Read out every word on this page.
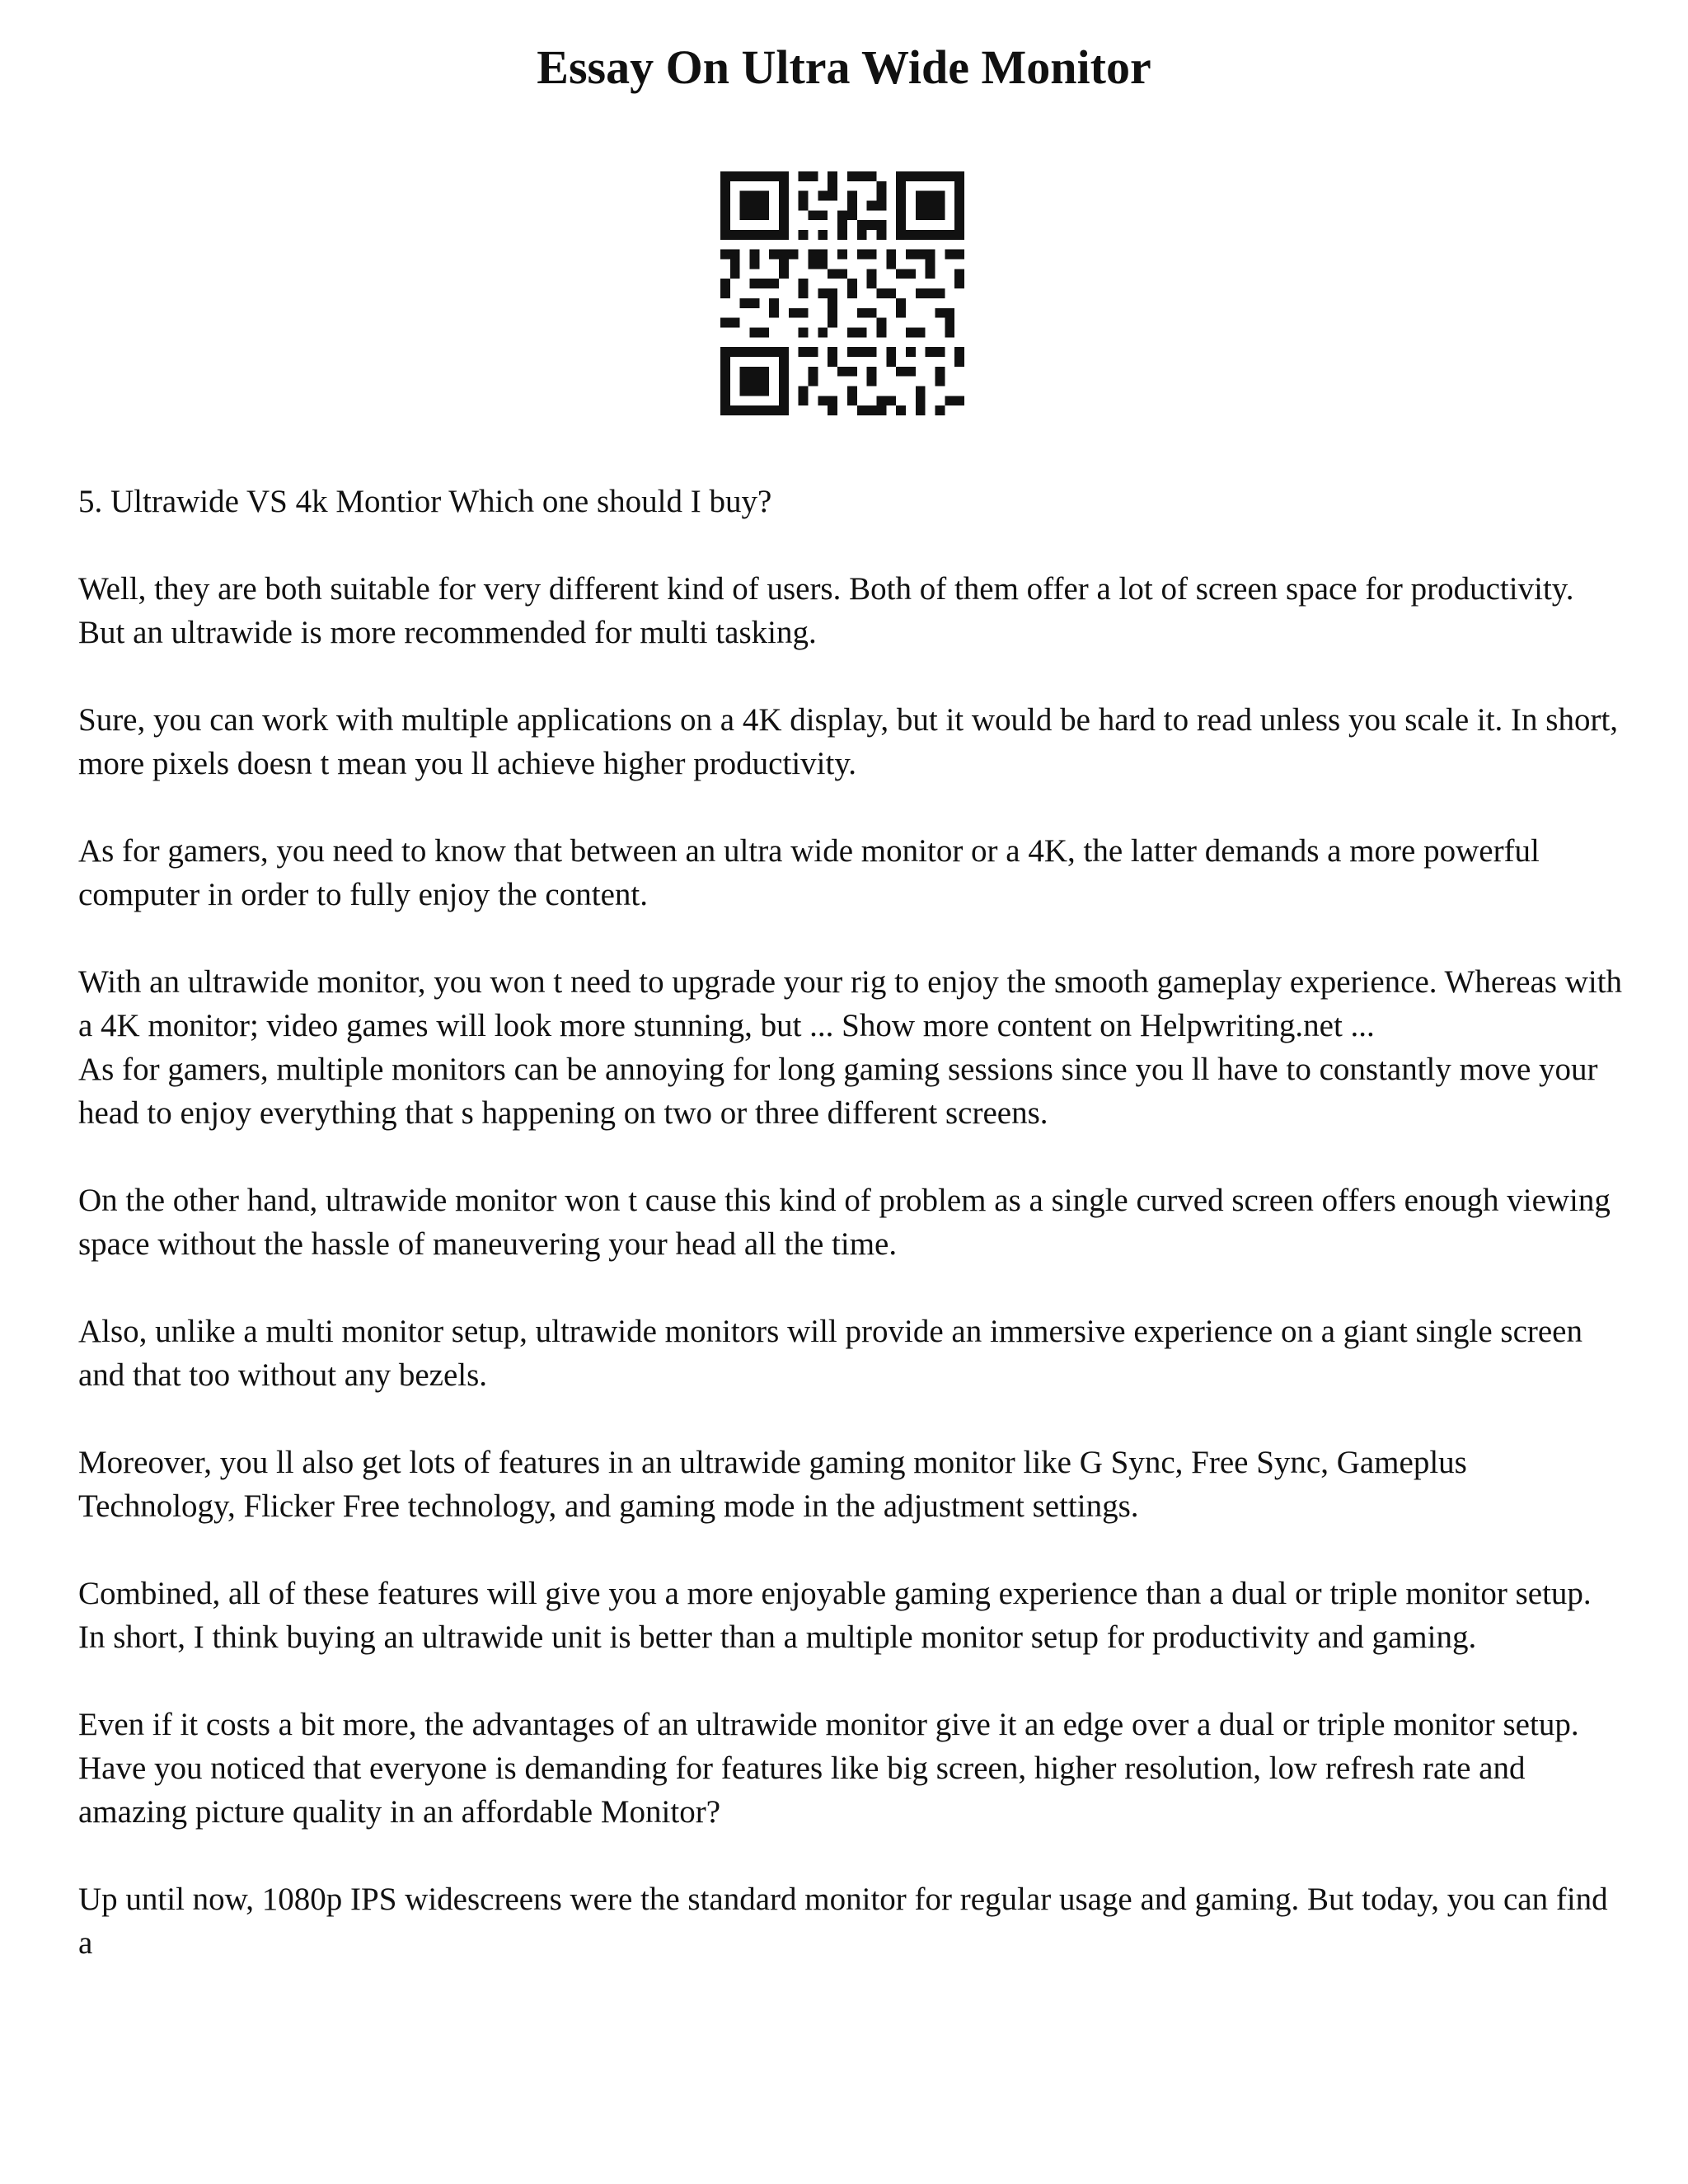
Essay On Ultra Wide Monitor

5. Ultrawide VS 4k Montior Which one should I buy?

Well, they are both suitable for very different kind of users. Both of them offer a lot of screen space for productivity. But an ultrawide is more recommended for multi tasking.

Sure, you can work with multiple applications on a 4K display, but it would be hard to read unless you scale it. In short, more pixels doesn t mean you ll achieve higher productivity.

As for gamers, you need to know that between an ultra wide monitor or a 4K, the latter demands a more powerful computer in order to fully enjoy the content.

With an ultrawide monitor, you won t need to upgrade your rig to enjoy the smooth gameplay experience. Whereas with a 4K monitor; video games will look more stunning, but ... Show more content on Helpwriting.net ...

As for gamers, multiple monitors can be annoying for long gaming sessions since you ll have to constantly move your head to enjoy everything that s happening on two or three different screens.

On the other hand, ultrawide monitor won t cause this kind of problem as a single curved screen offers enough viewing space without the hassle of maneuvering your head all the time.

Also, unlike a multi monitor setup, ultrawide monitors will provide an immersive experience on a giant single screen and that too without any bezels.

Moreover, you ll also get lots of features in an ultrawide gaming monitor like G Sync, Free Sync, Gameplus Technology, Flicker Free technology, and gaming mode in the adjustment settings.

Combined, all of these features will give you a more enjoyable gaming experience than a dual or triple monitor setup.

In short, I think buying an ultrawide unit is better than a multiple monitor setup for productivity and gaming.

Even if it costs a bit more, the advantages of an ultrawide monitor give it an edge over a dual or triple monitor setup.

Have you noticed that everyone is demanding for features like big screen, higher resolution, low refresh rate and amazing picture quality in an affordable Monitor?

Up until now, 1080p IPS widescreens were the standard monitor for regular usage and gaming. But today, you can find a
